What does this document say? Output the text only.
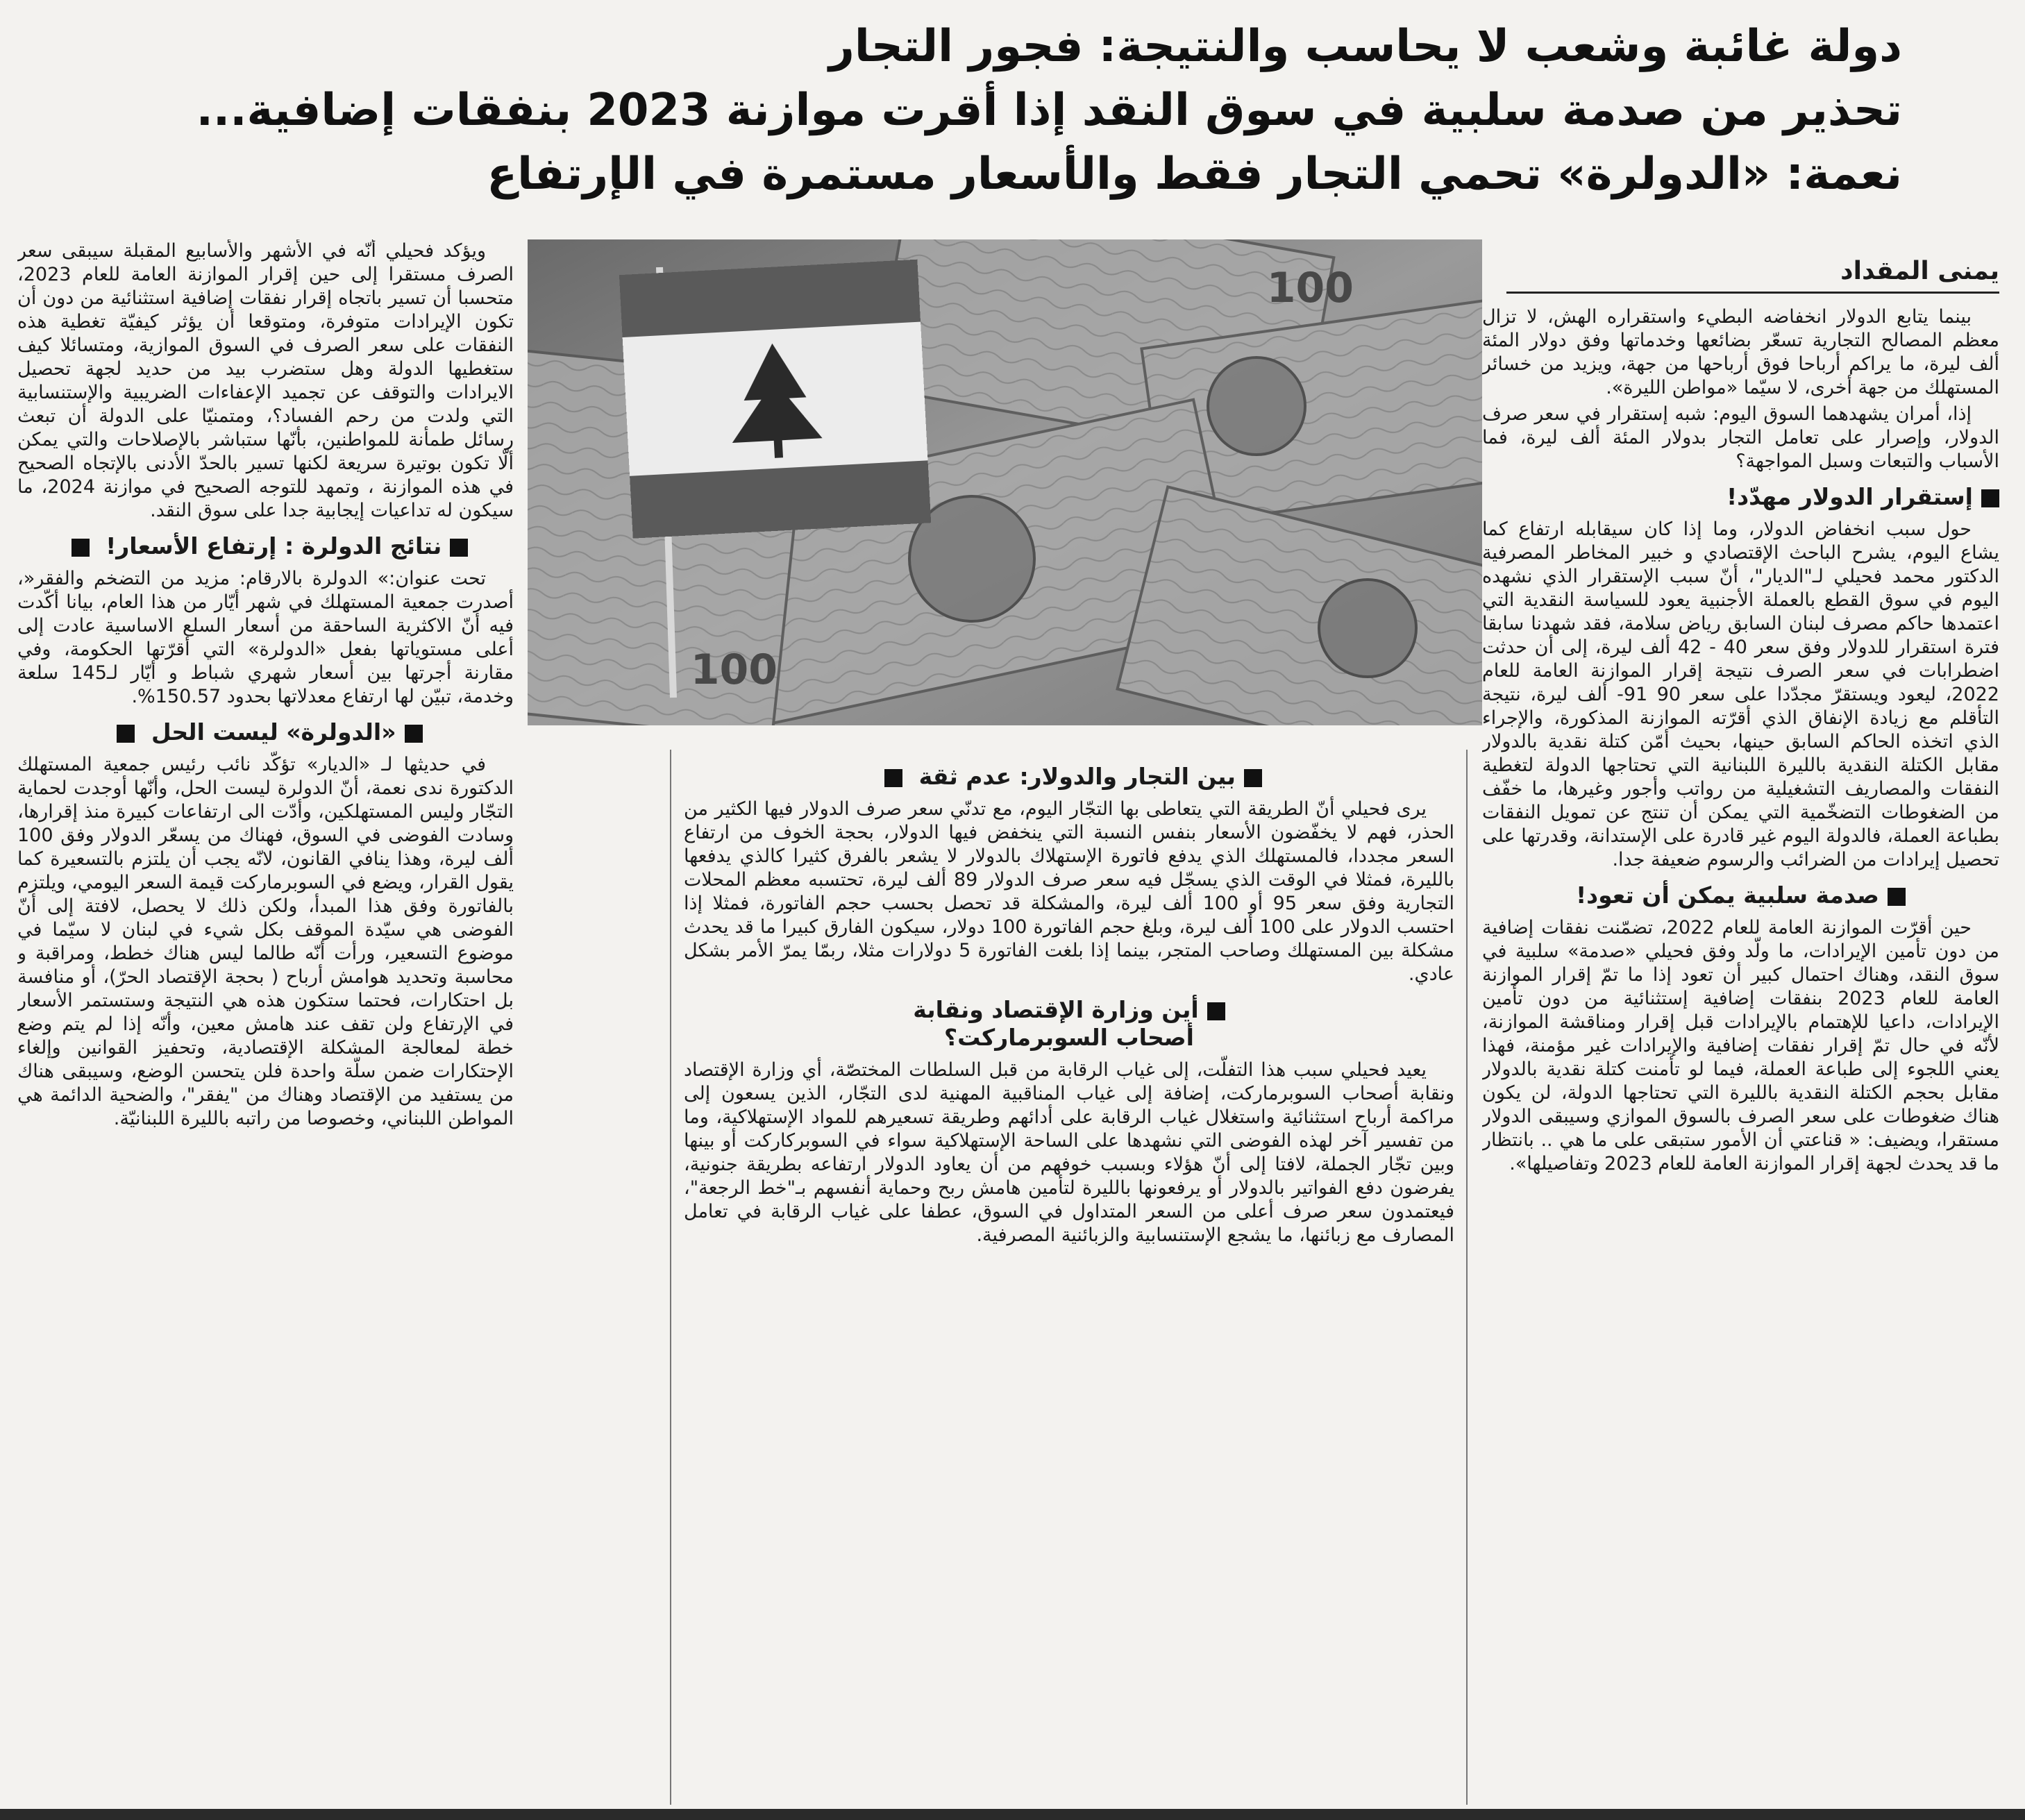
دولة غائبة وشعب لا يحاسب والنتيجة: فجور التجار
تحذير من صدمة سلبية في سوق النقد إذا أقرت موازنة 2023 بنفقات إضافية...
نعمة: «الدولرة» تحمي التجار فقط والأسعار مستمرة في الإرتفاع
يمنى المقداد
100
100

بينما يتابع الدولار انخفاضه البطيء واستقراره الهش، لا تزال معظم المصالح التجارية تسعّر بضائعها وخدماتها وفق دولار المئة ألف ليرة، ما يراكم أرباحا فوق أرباحها من جهة، ويزيد من خسائر المستهلك من جهة أخرى، لا سيّما «مواطن الليرة».

إذا، أمران يشهدهما السوق اليوم: شبه إستقرار في سعر صرف الدولار، وإصرار على تعامل التجار بدولار المئة ألف ليرة، فما الأسباب والتبعات وسبل المواجهة؟

إستقرار الدولار مهدّد!

حول سبب انخفاض الدولار، وما إذا كان سيقابله ارتفاع كما يشاع اليوم، يشرح الباحث الإقتصادي و خبير المخاطر المصرفية الدكتور محمد فحيلي لـ"الديار"، أنّ سبب الإستقرار الذي نشهده اليوم في سوق القطع بالعملة الأجنبية يعود للسياسة النقدية التي اعتمدها حاكم مصرف لبنان السابق رياض سلامة، فقد شهدنا سابقا فترة استقرار للدولار وفق سعر 40 - 42 ألف ليرة، إلى أن حدثت اضطرابات في سعر الصرف نتيجة إقرار الموازنة العامة للعام 2022، ليعود ويستقرّ مجدّدا على سعر 90 91- ألف ليرة، نتيجة التأقلم مع زيادة الإنفاق الذي أقرّته الموازنة المذكورة، والإجراء الذي اتخذه الحاكم السابق حينها، بحيث أمّن كتلة نقدية بالدولار مقابل الكتلة النقدية بالليرة اللبنانية التي تحتاجها الدولة لتغطية النفقات والمصاريف التشغيلية من رواتب وأجور وغيرها، ما خفّف من الضغوطات التضخّمية التي يمكن أن تنتج عن تمويل النفقات بطباعة العملة، فالدولة اليوم غير قادرة على الإستدانة، وقدرتها على تحصيل إيرادات من الضرائب والرسوم ضعيفة جدا.

صدمة سلبية يمكن أن تعود!

حين أقرّت الموازنة العامة للعام 2022، تضمّنت نفقات إضافية من دون تأمين الإيرادات، ما ولّد وفق فحيلي «صدمة» سلبية في سوق النقد، وهناك احتمال كبير أن تعود إذا ما تمّ إقرار الموازنة العامة للعام 2023 بنفقات إضافية إستثنائية من دون تأمين الإيرادات، داعيا للإهتمام بالإيرادات قبل إقرار ومناقشة الموازنة، لأنّه في حال تمّ إقرار نفقات إضافية والإيرادات غير مؤمنة، فهذا يعني اللجوء إلى طباعة العملة، فيما لو تأمنت كتلة نقدية بالدولار مقابل بحجم الكتلة النقدية بالليرة التي تحتاجها الدولة، لن يكون هناك ضغوطات على سعر الصرف بالسوق الموازي وسيبقى الدولار مستقرا، ويضيف: « قناعتي أن الأمور ستبقى على ما هي .. بانتظار ما قد يحدث لجهة إقرار الموازنة العامة للعام 2023 وتفاصيلها».

بين التجار والدولار: عدم ثقة

يرى فحيلي أنّ الطريقة التي يتعاطى بها التجّار اليوم، مع تدنّي سعر صرف الدولار فيها الكثير من الحذر، فهم لا يخفّضون الأسعار بنفس النسبة التي ينخفض فيها الدولار، بحجة الخوف من ارتفاع السعر مجددا، فالمستهلك الذي يدفع فاتورة الإستهلاك بالدولار لا يشعر بالفرق كثيرا كالذي يدفعها بالليرة، فمثلا في الوقت الذي يسجّل فيه سعر صرف الدولار 89 ألف ليرة، تحتسبه معظم المحلات التجارية وفق سعر 95 أو 100 ألف ليرة، والمشكلة قد تحصل بحسب حجم الفاتورة، فمثلا إذا احتسب الدولار على 100 ألف ليرة، وبلغ حجم الفاتورة 100 دولار، سيكون الفارق كبيرا ما قد يحدث مشكلة بين المستهلك وصاحب المتجر، بينما إذا بلغت الفاتورة 5 دولارات مثلا، ربمّا يمرّ الأمر بشكل عادي.

أين وزارة الإقتصاد ونقابة
أصحاب السوبرماركت؟

يعيد فحيلي سبب هذا التفلّت، إلى غياب الرقابة من قبل السلطات المختصّة، أي وزارة الإقتصاد ونقابة أصحاب السوبرماركت، إضافة إلى غياب المناقبية المهنية لدى التجّار، الذين يسعون إلى مراكمة أرباح استثنائية واستغلال غياب الرقابة على أدائهم وطريقة تسعيرهم للمواد الإستهلاكية، وما من تفسير آخر لهذه الفوضى التي نشهدها على الساحة الإستهلاكية سواء في السوبركاركت أو بينها وبين تجّار الجملة، لافتا إلى أنّ هؤلاء وبسبب خوفهم من أن يعاود الدولار ارتفاعه بطريقة جنونية، يفرضون دفع الفواتير بالدولار أو يرفعونها بالليرة لتأمين هامش ربح وحماية أنفسهم بـ"خط الرجعة"، فيعتمدون سعر صرف أعلى من السعر المتداول في السوق، عطفا على غياب الرقابة في تعامل المصارف مع زبائنها، ما يشجع الإستنسابية والزبائنية المصرفية.

ويؤكد فحيلي أنّه في الأشهر والأسابيع المقبلة سيبقى سعر الصرف مستقرا إلى حين إقرار الموازنة العامة للعام 2023، متحسبا أن تسير باتجاه إقرار نفقات إضافية استثنائية من دون أن تكون الإيرادات متوفرة، ومتوقعا أن يؤثر كيفيّة تغطية هذه النفقات على سعر الصرف في السوق الموازية، ومتسائلا كيف ستغطيها الدولة وهل ستضرب بيد من حديد لجهة تحصيل الايرادات والتوقف عن تجميد الإعفاءات الضريبية والإستنسابية التي ولدت من رحم الفساد؟، ومتمنيّا على الدولة أن تبعث رسائل طمأنة للمواطنين، بأنّها ستباشر بالإصلاحات والتي يمكن ألّا تكون بوتيرة سريعة لكنها تسير بالحدّ الأدنى بالإتجاه الصحيح في هذه الموازنة ، وتمهد للتوجه الصحيح في موازنة 2024، ما سيكون له تداعيات إيجابية جدا على سوق النقد.

نتائج الدولرة : إرتفاع الأسعار!

تحت عنوان:» الدولرة بالارقام: مزيد من التضخم والفقر«، أصدرت جمعية المستهلك في شهر أيّار من هذا العام، بيانا أكّدت فيه أنّ الاكثرية الساحقة من أسعار السلع الاساسية عادت إلى أعلى مستوياتها بفعل «الدولرة» التي أقرّتها الحكومة، وفي مقارنة أجرتها بين أسعار شهري شباط و أيّار لـ145 سلعة وخدمة، تبيّن لها ارتفاع معدلاتها بحدود 150.57%.

«الدولرة» ليست الحل

في حديثها لـ «الديار» تؤكّد نائب رئيس جمعية المستهلك الدكتورة ندى نعمة، أنّ الدولرة ليست الحل، وأنّها أوجدت لحماية التجّار وليس المستهلكين، وأدّت الى ارتفاعات كبيرة منذ إقرارها، وسادت الفوضى في السوق، فهناك من يسعّر الدولار وفق 100 ألف ليرة، وهذا ينافي القانون، لانّه يجب أن يلتزم بالتسعيرة كما يقول القرار، ويضع في السوبرماركت قيمة السعر اليومي، ويلتزم بالفاتورة وفق هذا المبدأ، ولكن ذلك لا يحصل، لافتة إلى أنّ الفوضى هي سيّدة الموقف بكل شيء في لبنان لا سيّما في موضوع التسعير، ورأت أنّه طالما ليس هناك خطط، ومراقبة و محاسبة وتحديد هوامش أرباح ( بحجة الإقتصاد الحرّ)، أو منافسة بل احتكارات، فحتما ستكون هذه هي النتيجة وستستمر الأسعار في الإرتفاع ولن تقف عند هامش معين، وأنّه إذا لم يتم وضع خطة لمعالجة المشكلة الإقتصادية، وتحفيز القوانين وإلغاء الإحتكارات ضمن سلّة واحدة فلن يتحسن الوضع، وسيبقى هناك من يستفيد من الإقتصاد وهناك من "يفقر"، والضحية الدائمة هي المواطن اللبناني، وخصوصا من راتبه بالليرة اللبنانيّة.
